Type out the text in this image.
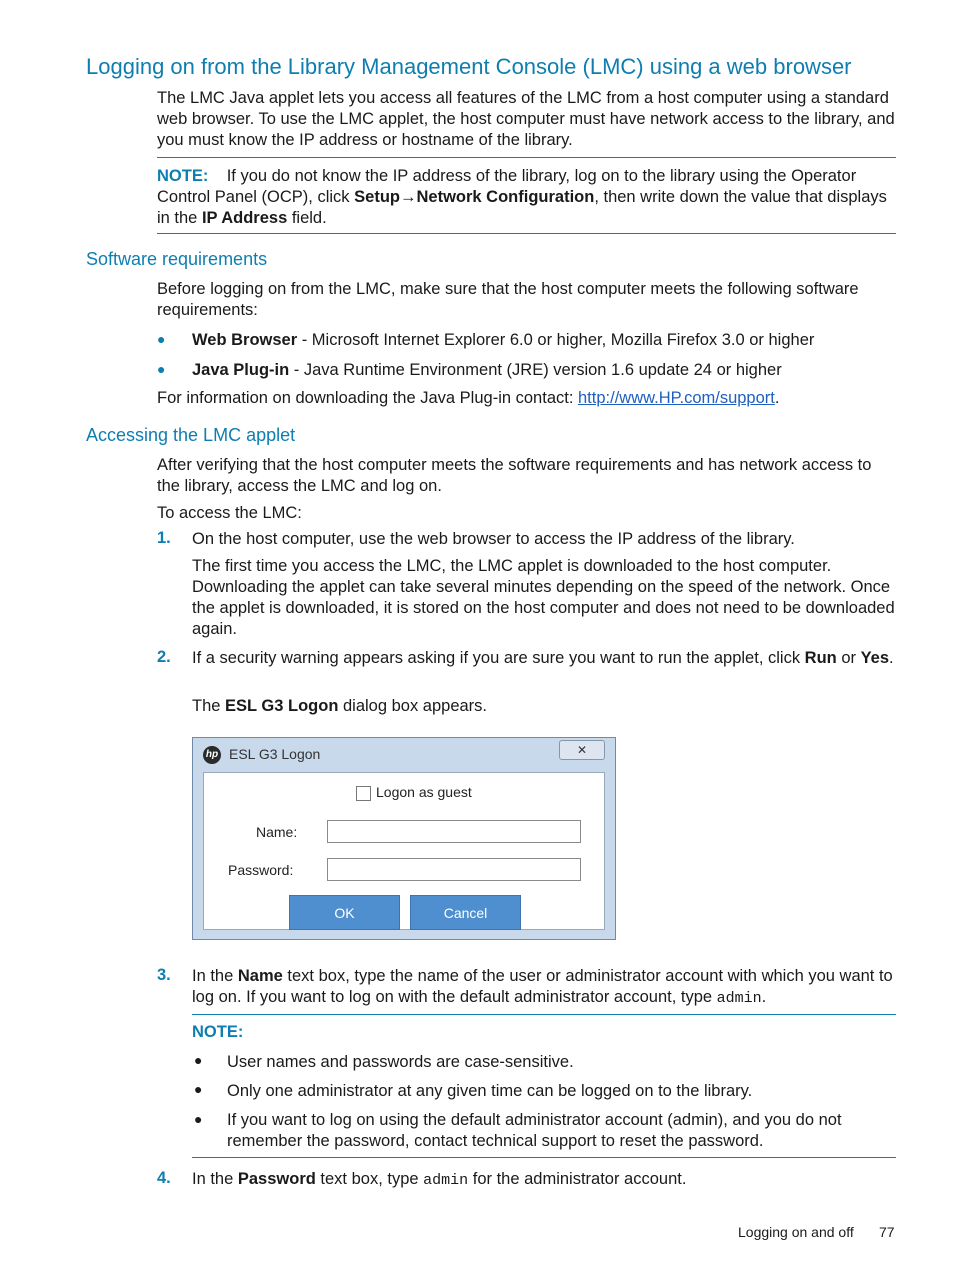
Logging on from the Library Management Console (LMC) using a web browser

The LMC Java applet lets you access all features of the LMC from a host computer using a standard web browser. To use the LMC applet, the host computer must have network access to the library, and you must know the IP address or hostname of the library.

NOTE: If you do not know the IP address of the library, log on to the library using the Operator Control Panel (OCP), click Setup→Network Configuration, then write down the value that displays in the IP Address field.

Software requirements

Before logging on from the LMC, make sure that the host computer meets the following software requirements:

● Web Browser - Microsoft Internet Explorer 6.0 or higher, Mozilla Firefox 3.0 or higher

● Java Plug-in - Java Runtime Environment (JRE) version 1.6 update 24 or higher

For information on downloading the Java Plug-in contact: http://www.HP.com/support.

Accessing the LMC applet

After verifying that the host computer meets the software requirements and has network access to the library, access the LMC and log on.

To access the LMC:

1. On the host computer, use the web browser to access the IP address of the library.

The first time you access the LMC, the LMC applet is downloaded to the host computer. Downloading the applet can take several minutes depending on the speed of the network. Once the applet is downloaded, it is stored on the host computer and does not need to be downloaded again.

2. If a security warning appears asking if you are sure you want to run the applet, click Run or Yes.

The ESL G3 Logon dialog box appears.

hp ESL G3 Logon	✕
Logon as guest
Name:
Password:
OK	Cancel
3. In the Name text box, type the name of the user or administrator account with which you want to log on. If you want to log on with the default administrator account, type admin.

NOTE:
● User names and passwords are case-sensitive.

● Only one administrator at any given time can be logged on to the library.

● If you want to log on using the default administrator account (admin), and you do not remember the password, contact technical support to reset the password.

4. In the Password text box, type admin for the administrator account.

Logging on and off 77
